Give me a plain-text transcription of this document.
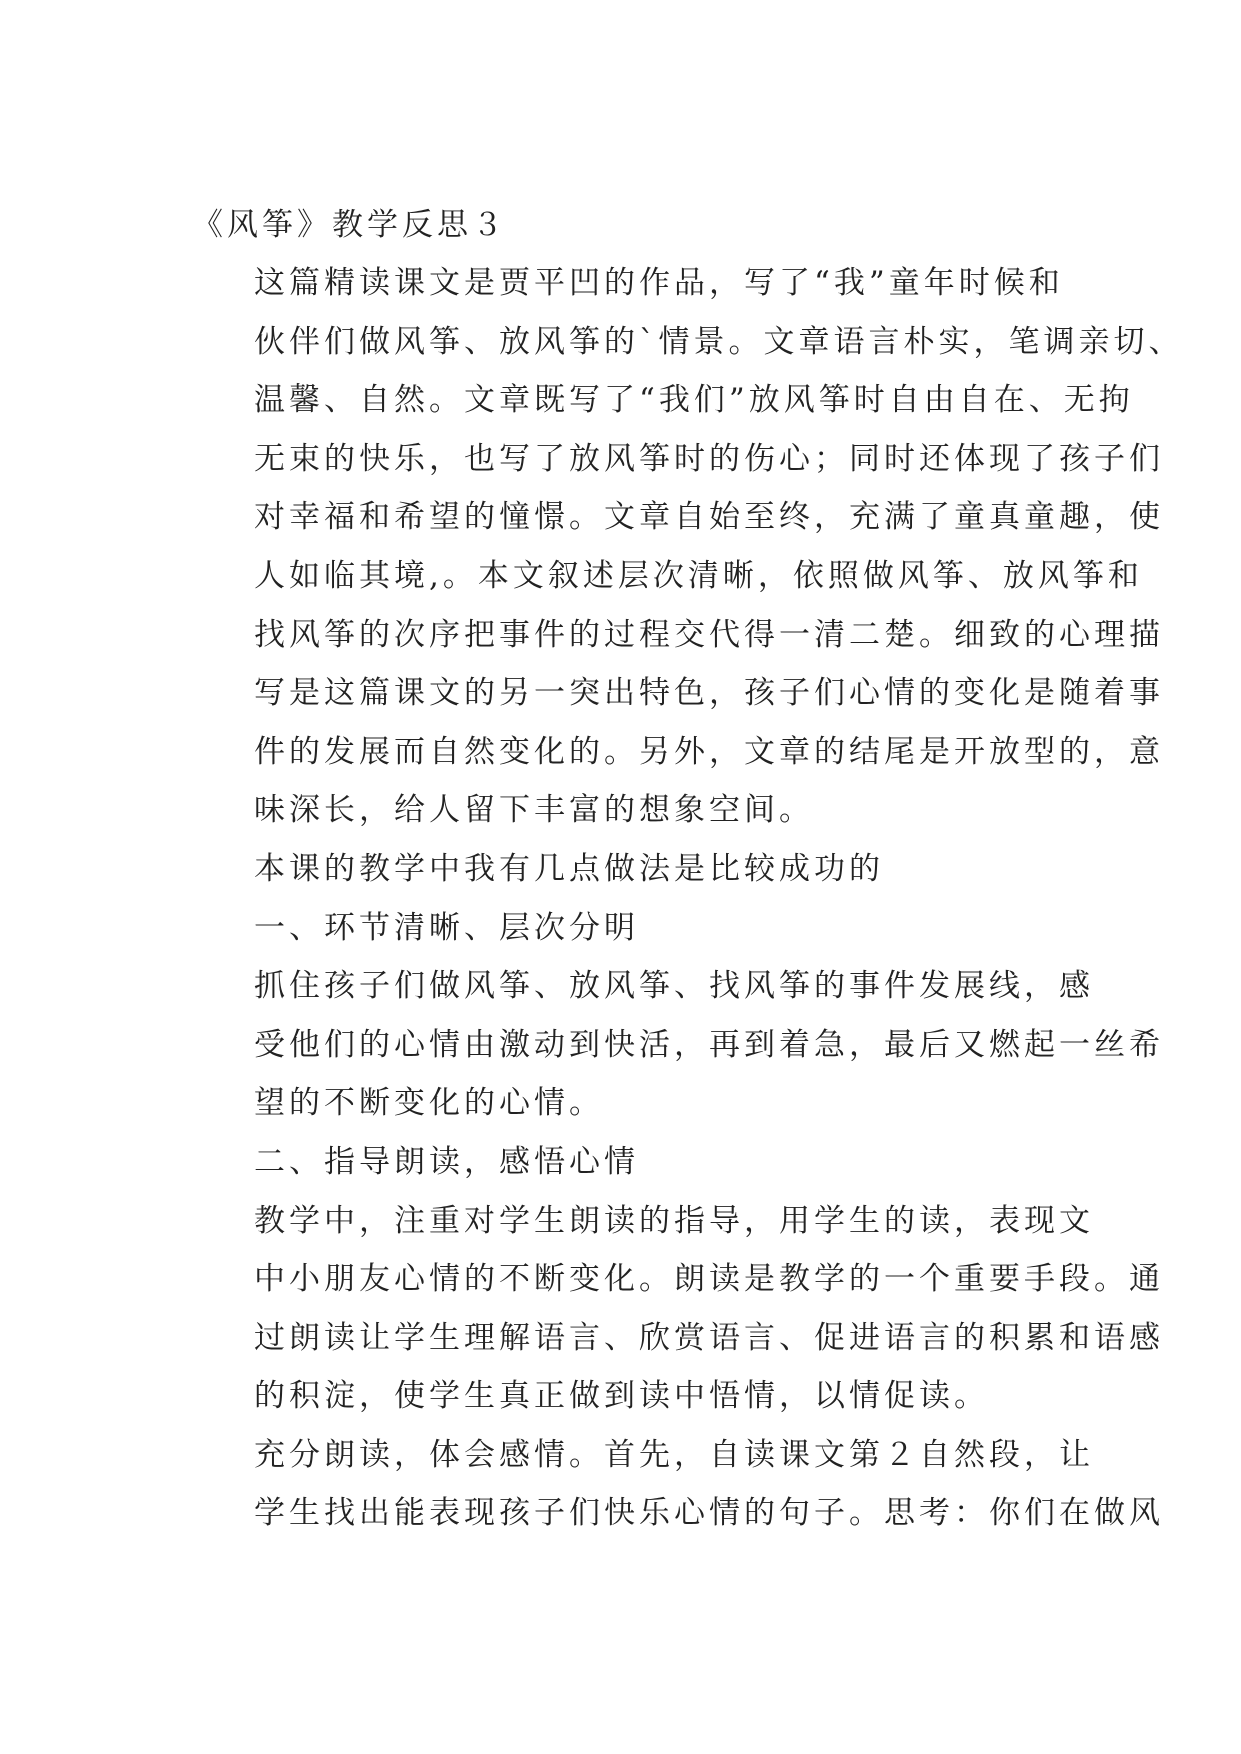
《风筝》教学反思３

这篇精读课文是贾平凹的作品，写了“我”童年时候和
伙伴们做风筝、放风筝的`情景。文章语言朴实，笔调亲切、
温馨、自然。文章既写了“我们”放风筝时自由自在、无拘
无束的快乐，也写了放风筝时的伤心；同时还体现了孩子们
对幸福和希望的憧憬。文章自始至终，充满了童真童趣，使
人如临其境,。本文叙述层次清晰，依照做风筝、放风筝和
找风筝的次序把事件的过程交代得一清二楚。细致的心理描
写是这篇课文的另一突出特色，孩子们心情的变化是随着事
件的发展而自然变化的。另外，文章的结尾是开放型的，意
味深长，给人留下丰富的想象空间。

本课的教学中我有几点做法是比较成功的

一、环节清晰、层次分明

抓住孩子们做风筝、放风筝、找风筝的事件发展线，感
受他们的心情由激动到快活，再到着急，最后又燃起一丝希
望的不断变化的心情。

二、指导朗读，感悟心情

教学中，注重对学生朗读的指导，用学生的读，表现文
中小朋友心情的不断变化。朗读是教学的一个重要手段。通
过朗读让学生理解语言、欣赏语言、促进语言的积累和语感
的积淀，使学生真正做到读中悟情，以情促读。

充分朗读，体会感情。首先，自读课文第２自然段，让
学生找出能表现孩子们快乐心情的句子。思考：你们在做风
